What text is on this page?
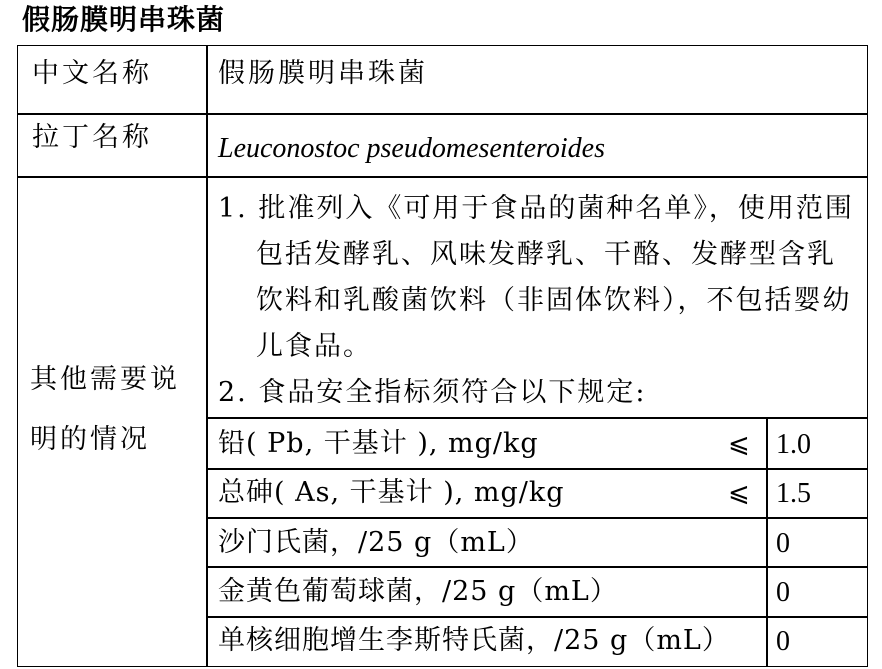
假肠膜明串珠菌
中文名称 假肠膜明串珠菌
拉丁名称 Leuconostoc pseudomesenteroides
其他需要说
明的情况
1. 批准列入《可用于食品的菌种名单》，使用范围包括发酵乳、风味发酵乳、干酪、发酵型含乳饮料和乳酸菌饮料（非固体饮料），不包括婴幼儿食品。
2. 食品安全指标须符合以下规定:
铅( Pb, 干基计 ), mg/kg	⩽ 1.0
总砷( As, 干基计 ), mg/kg	⩽ 1.5
沙门氏菌，/25 g（mL）	0
金黄色葡萄球菌，/25 g（mL）	0
单核细胞增生李斯特氏菌，/25 g（mL） 0
